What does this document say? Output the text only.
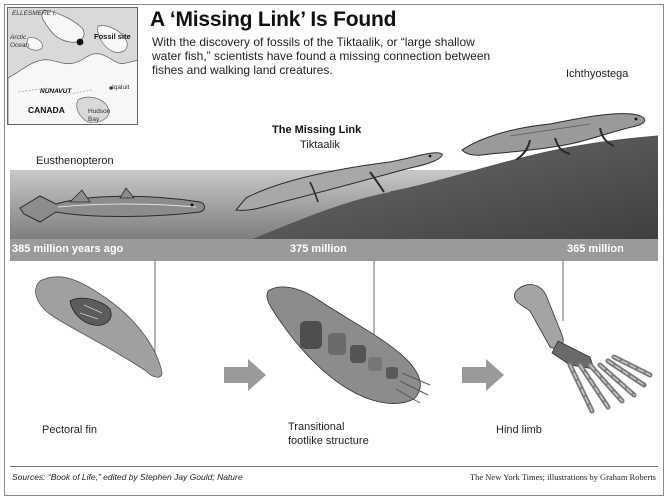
ELLESMERE I.
Arctic Ocean
Fossil site
NUNAVUT
Iqaluit
CANADA	Hudson Bay
A ‘Missing Link’ Is Found
With the discovery of fossils of the Tiktaalik, or “large shallow water fish,” scientists have found a missing connection between fishes and walking land creatures.
Eusthenopteron
The Missing Link
Tiktaalik
Ichthyostega
385 million years ago	375 million	365 million
Pectoral fin	Transitional
footlike structure
Hind limb
Sources: “Book of Life,” edited by Stephen Jay Gould; Nature	The New York Times; illustrations by Graham Roberts
